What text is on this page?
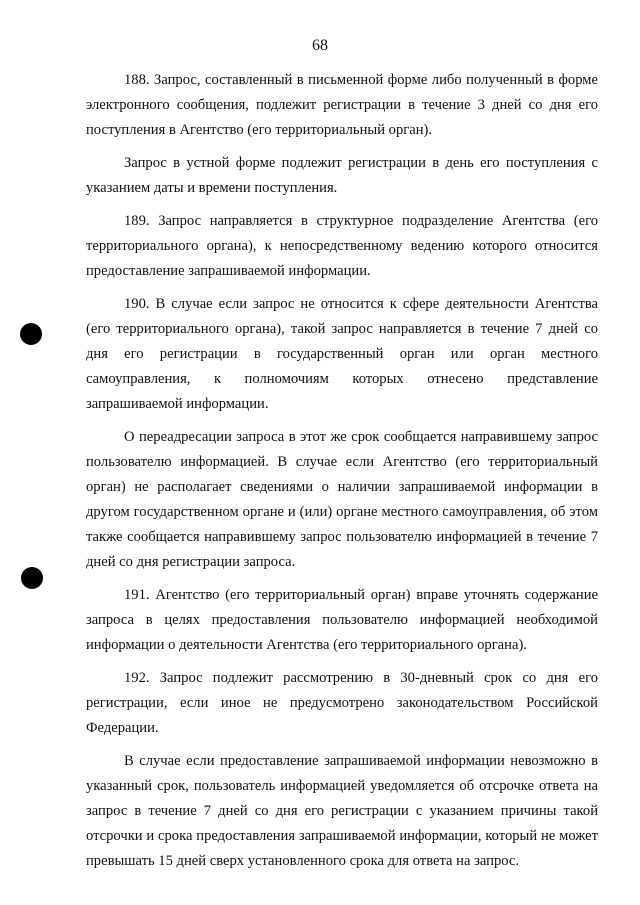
68

188. Запрос, составленный в письменной форме либо полученный в форме электронного сообщения, подлежит регистрации в течение 3 дней со дня его поступления в Агентство (его территориальный орган).

Запрос в устной форме подлежит регистрации в день его поступления с указанием даты и времени поступления.

189. Запрос направляется в структурное подразделение Агентства (его территориального органа), к непосредственному ведению которого относится предоставление запрашиваемой информации.

190. В случае если запрос не относится к сфере деятельности Агентства (его территориального органа), такой запрос направляется в течение 7 дней со дня его регистрации в государственный орган или орган местного самоуправления, к полномочиям которых отнесено представление запрашиваемой информации.

О переадресации запроса в этот же срок сообщается направившему запрос пользователю информацией. В случае если Агентство (его территориальный орган) не располагает сведениями о наличии запрашиваемой информации в другом государственном органе и (или) органе местного самоуправления, об этом также сообщается направившему запрос пользователю информацией в течение 7 дней со дня регистрации запроса.

191. Агентство (его территориальный орган) вправе уточнять содержание запроса в целях предоставления пользователю информацией необходимой информации о деятельности Агентства (его территориального органа).

192. Запрос подлежит рассмотрению в 30-дневный срок со дня его регистрации, если иное не предусмотрено законодательством Российской Федерации.

В случае если предоставление запрашиваемой информации невозможно в указанный срок, пользователь информацией уведомляется об отсрочке ответа на запрос в течение 7 дней со дня его регистрации с указанием причины такой отсрочки и срока предоставления запрашиваемой информации, который не может превышать 15 дней сверх установленного срока для ответа на запрос.
